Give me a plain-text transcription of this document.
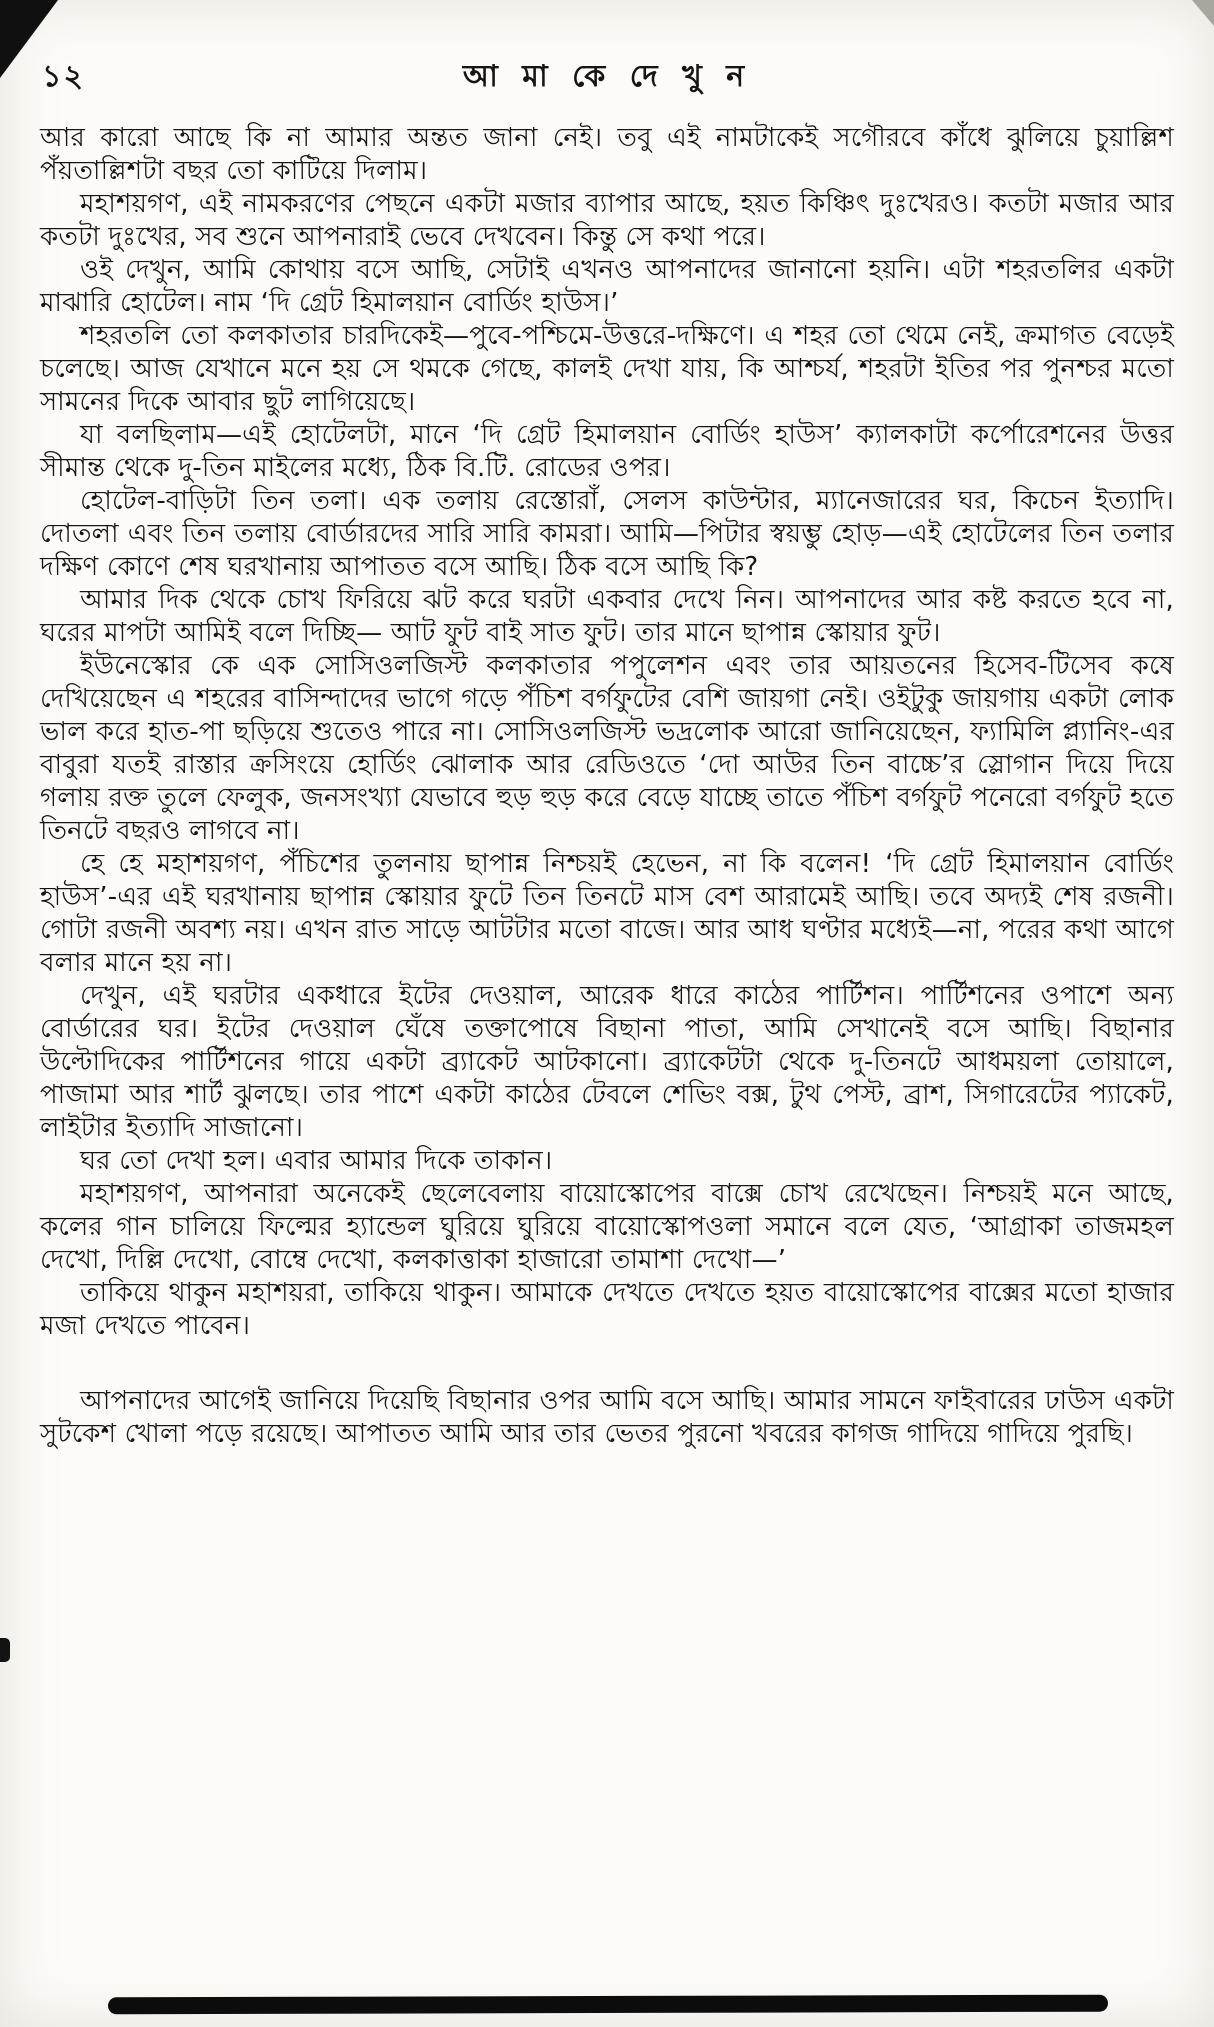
১২	আ মা কে দে খু ন

আর কারো আছে কি না আমার অন্তত জানা নেই। তবু এই নামটাকেই সগৌরবে কাঁধে ঝুলিয়ে চুয়াল্লিশ পঁয়তাল্লিশটা বছর তো কাটিয়ে দিলাম।

মহাশয়গণ, এই নামকরণের পেছনে একটা মজার ব্যাপার আছে, হয়ত কিঞ্চিৎ দুঃখেরও। কতটা মজার আর কতটা দুঃখের, সব শুনে আপনারাই ভেবে দেখবেন। কিন্তু সে কথা পরে।

ওই দেখুন, আমি কোথায় বসে আছি, সেটাই এখনও আপনাদের জানানো হয়নি। এটা শহরতলির একটা মাঝারি হোটেল। নাম ‘দি গ্রেট হিমালয়ান বোর্ডিং হাউস।’

শহরতলি তো কলকাতার চারদিকেই—পুবে-পশ্চিমে-উত্তরে-দক্ষিণে। এ শহর তো থেমে নেই, ক্রমাগত বেড়েই চলেছে। আজ যেখানে মনে হয় সে থমকে গেছে, কালই দেখা যায়, কি আশ্চর্য, শহরটা ইতির পর পুনশ্চর মতো সামনের দিকে আবার ছুট লাগিয়েছে।

যা বলছিলাম—এই হোটেলটা, মানে ‘দি গ্রেট হিমালয়ান বোর্ডিং হাউস’ ক্যালকাটা কর্পোরেশনের উত্তর সীমান্ত থেকে দু-তিন মাইলের মধ্যে, ঠিক বি.টি. রোডের ওপর।

হোটেল-বাড়িটা তিন তলা। এক তলায় রেস্তোরাঁ, সেলস কাউন্টার, ম্যানেজারের ঘর, কিচেন ইত্যাদি। দোতলা এবং তিন তলায় বোর্ডারদের সারি সারি কামরা। আমি—পিটার স্বয়ম্ভু হোড়—এই হোটেলের তিন তলার দক্ষিণ কোণে শেষ ঘরখানায় আপাতত বসে আছি। ঠিক বসে আছি কি?

আমার দিক থেকে চোখ ফিরিয়ে ঝট করে ঘরটা একবার দেখে নিন। আপনাদের আর কষ্ট করতে হবে না, ঘরের মাপটা আমিই বলে দিচ্ছি— আট ফুট বাই সাত ফুট। তার মানে ছাপান্ন স্কোয়ার ফুট।

ইউনেস্কোর কে এক সোসিওলজিস্ট কলকাতার পপুলেশন এবং তার আয়তনের হিসেব-টিসেব কষে দেখিয়েছেন এ শহরের বাসিন্দাদের ভাগে গড়ে পঁচিশ বর্গফুটের বেশি জায়গা নেই। ওইটুকু জায়গায় একটা লোক ভাল করে হাত-পা ছড়িয়ে শুতেও পারে না। সোসিওলজিস্ট ভদ্রলোক আরো জানিয়েছেন, ফ্যামিলি প্ল্যানিং-এর বাবুরা যতই রাস্তার ক্রসিংয়ে হোর্ডিং ঝোলাক আর রেডিওতে ‘দো আউর তিন বাচ্চে’র স্লোগান দিয়ে দিয়ে গলায় রক্ত তুলে ফেলুক, জনসংখ্যা যেভাবে হুড় হুড় করে বেড়ে যাচ্ছে তাতে পঁচিশ বর্গফুট পনেরো বর্গফুট হতে তিনটে বছরও লাগবে না।

হে হে মহাশয়গণ, পঁচিশের তুলনায় ছাপান্ন নিশ্চয়ই হেভেন, না কি বলেন! ‘দি গ্রেট হিমালয়ান বোর্ডিং হাউস’-এর এই ঘরখানায় ছাপান্ন স্কোয়ার ফুটে তিন তিনটে মাস বেশ আরামেই আছি। তবে অদ্যই শেষ রজনী। গোটা রজনী অবশ্য নয়। এখন রাত সাড়ে আটটার মতো বাজে। আর আধ ঘণ্টার মধ্যেই—না, পরের কথা আগে বলার মানে হয় না।

দেখুন, এই ঘরটার একধারে ইটের দেওয়াল, আরেক ধারে কাঠের পার্টিশন। পার্টিশনের ওপাশে অন্য বোর্ডারের ঘর। ইটের দেওয়াল ঘেঁষে তক্তাপোষে বিছানা পাতা, আমি সেখানেই বসে আছি। বিছানার উল্টোদিকের পার্টিশনের গায়ে একটা ব্র্যাকেট আটকানো। ব্র্যাকেটটা থেকে দু-তিনটে আধময়লা তোয়ালে, পাজামা আর শার্ট ঝুলছে। তার পাশে একটা কাঠের টেবলে শেভিং বক্স, টুথ পেস্ট, ব্রাশ, সিগারেটের প্যাকেট, লাইটার ইত্যাদি সাজানো।

ঘর তো দেখা হল। এবার আমার দিকে তাকান।

মহাশয়গণ, আপনারা অনেকেই ছেলেবেলায় বায়োস্কোপের বাক্সে চোখ রেখেছেন। নিশ্চয়ই মনে আছে, কলের গান চালিয়ে ফিল্মের হ্যান্ডেল ঘুরিয়ে ঘুরিয়ে বায়োস্কোপওলা সমানে বলে যেত, ‘আগ্রাকা তাজমহল দেখো, দিল্লি দেখো, বোম্বে দেখো, কলকাত্তাকা হাজারো তামাশা দেখো—’

তাকিয়ে থাকুন মহাশয়রা, তাকিয়ে থাকুন। আমাকে দেখতে দেখতে হয়ত বায়োস্কোপের বাক্সের মতো হাজার মজা দেখতে পাবেন।

আপনাদের আগেই জানিয়ে দিয়েছি বিছানার ওপর আমি বসে আছি। আমার সামনে ফাইবারের ঢাউস একটা সুটকেশ খোলা পড়ে রয়েছে। আপাতত আমি আর তার ভেতর পুরনো খবরের কাগজ গাদিয়ে গাদিয়ে পুরছি।
